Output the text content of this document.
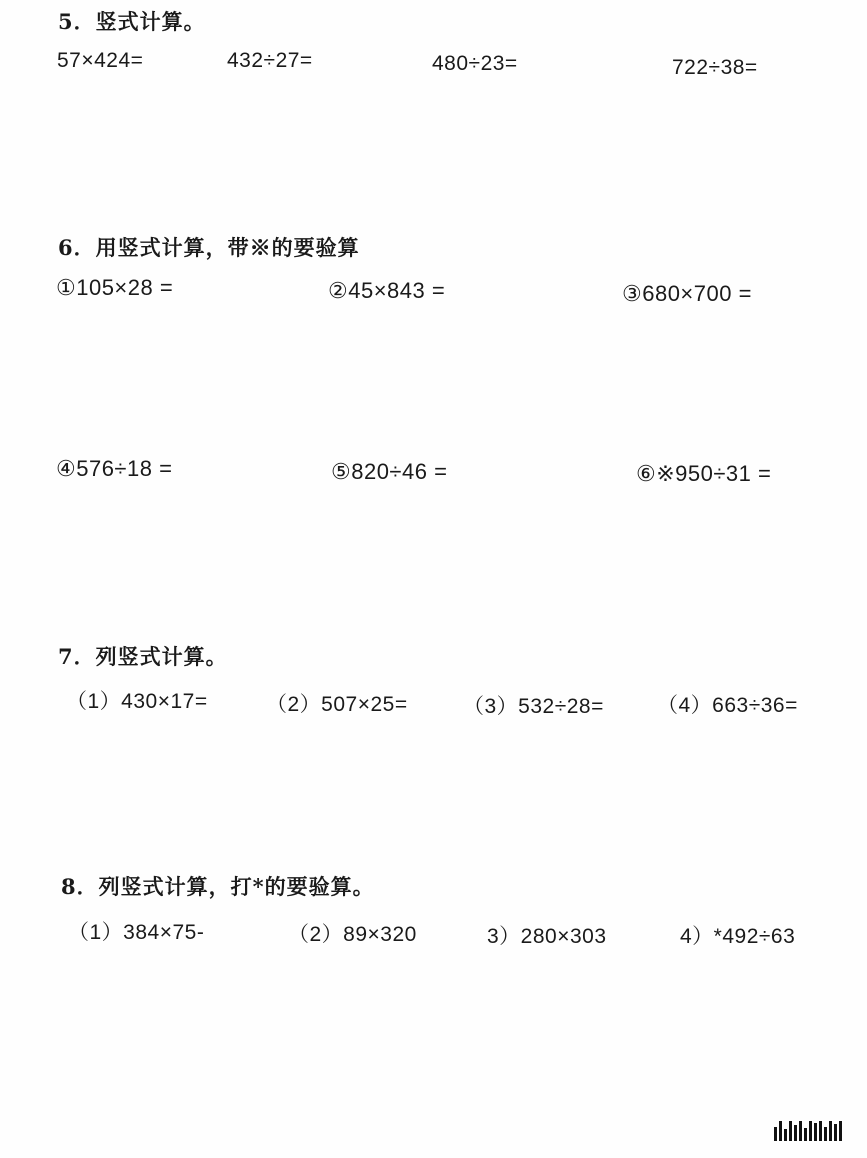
5．竖式计算。
57×424=	432÷27=	480÷23=	722÷38=
6．用竖式计算，带※的要验算
①105×28 =	②45×843 =	③680×700 =
④576÷18 =	⑤820÷46 =	⑥※950÷31 =
7．列竖式计算。
（1）430×17=	（2）507×25=	（3）532÷28=	（4）663÷36=
8．列竖式计算，打*的要验算。
（1）384×75-	（2）89×320	3）280×303	4）*492÷63
